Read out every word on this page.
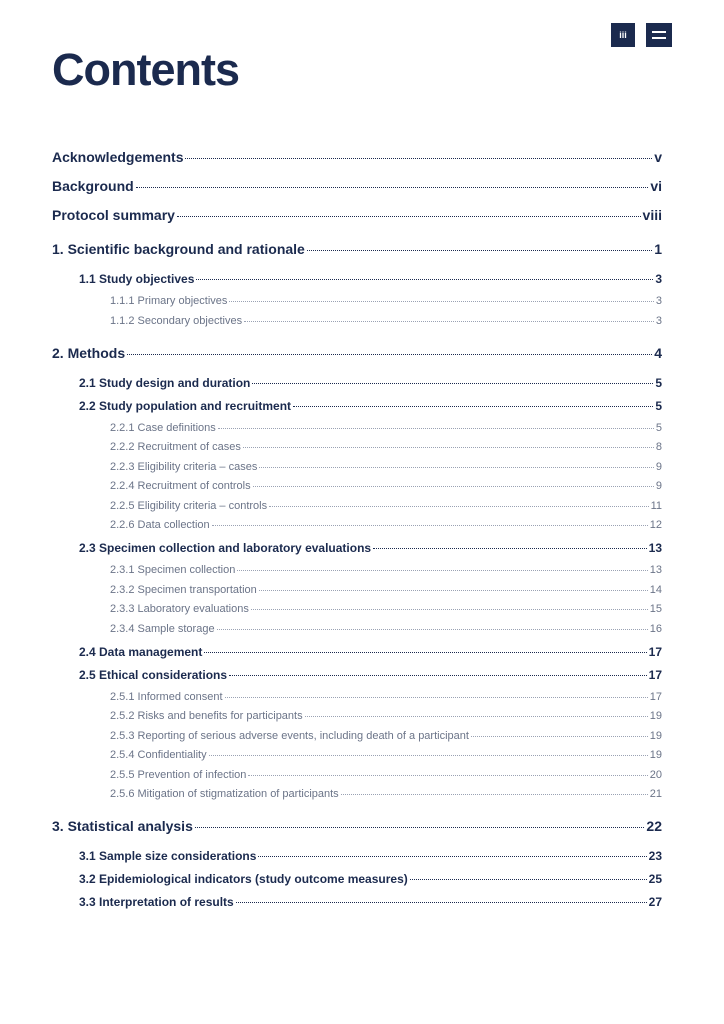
iii
Contents
Acknowledgements	v
Background	vi
Protocol summary	viii
1. Scientific background and rationale	1
1.1 Study objectives	3
1.1.1 Primary objectives	3
1.1.2 Secondary objectives	3
2. Methods	4
2.1 Study design and duration	5
2.2 Study population and recruitment	5
2.2.1 Case definitions	5
2.2.2 Recruitment of cases	8
2.2.3 Eligibility criteria – cases	9
2.2.4 Recruitment of controls	9
2.2.5 Eligibility criteria – controls	11
2.2.6 Data collection	12
2.3 Specimen collection and laboratory evaluations	13
2.3.1 Specimen collection	13
2.3.2 Specimen transportation	14
2.3.3 Laboratory evaluations	15
2.3.4 Sample storage	16
2.4 Data management	17
2.5 Ethical considerations	17
2.5.1 Informed consent	17
2.5.2 Risks and benefits for participants	19
2.5.3 Reporting of serious adverse events, including death of a participant	19
2.5.4 Confidentiality	19
2.5.5 Prevention of infection	20
2.5.6 Mitigation of stigmatization of participants	21
3. Statistical analysis	22
3.1 Sample size considerations	23
3.2 Epidemiological indicators (study outcome measures)	25
3.3 Interpretation of results	27
